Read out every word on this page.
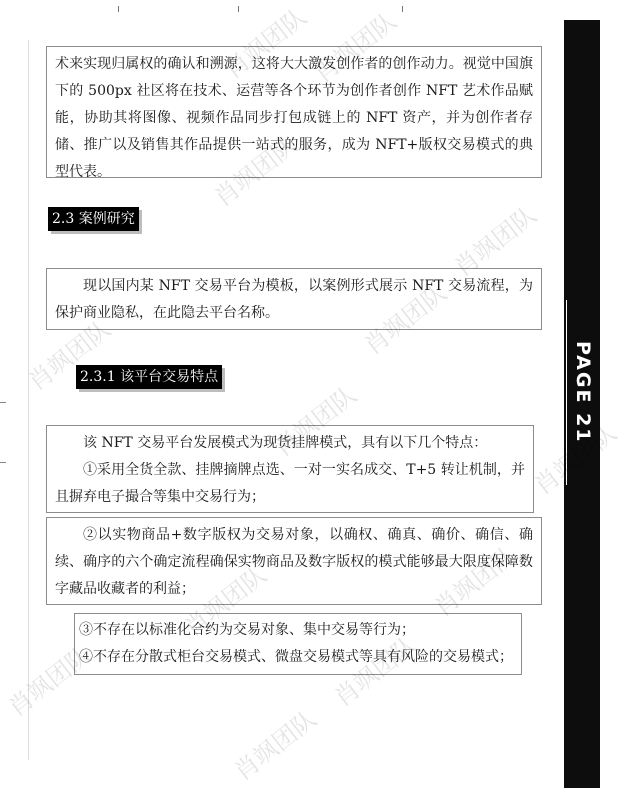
PAGE 21

术来实现归属权的确认和溯源，这将大大激发创作者的创作动力。视觉中国旗下的 500px 社区将在技术、运营等各个环节为创作者创作 NFT 艺术作品赋能，协助其将图像、视频作品同步打包成链上的 NFT 资产，并为创作者存储、推广以及销售其作品提供一站式的服务，成为 NFT+版权交易模式的典型代表。

2.3 案例研究

现以国内某 NFT 交易平台为模板，以案例形式展示 NFT 交易流程，为保护商业隐私，在此隐去平台名称。

2.3.1 该平台交易特点

该 NFT 交易平台发展模式为现货挂牌模式，具有以下几个特点：

①采用全货全款、挂牌摘牌点选、一对一实名成交、T+5 转让机制，并且摒弃电子撮合等集中交易行为；

②以实物商品+数字版权为交易对象，以确权、确真、确价、确信、确续、确序的六个确定流程确保实物商品及数字版权的模式能够最大限度保障数字藏品收藏者的利益；

③不存在以标准化合约为交易对象、集中交易等行为；

④不存在分散式柜台交易模式、微盘交易模式等具有风险的交易模式；

肖飒团队
肖飒团队
肖飒团队
肖飒团队
肖飒团队
肖飒团队
肖飒团队
肖飒团队
肖飒团队
肖飒团队	肖飒团队
肖飒团队
